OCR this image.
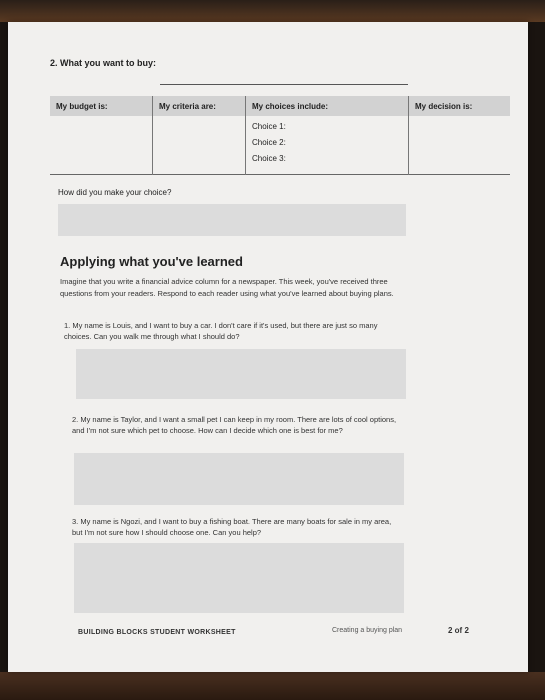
2. What you want to buy:
My budget is:	My criteria are:	My choices include:	My decision is:

		Choice 1:
Choice 2:
Choice 3:	

How did you make your choice?
Applying what you've learned
Imagine that you write a financial advice column for a newspaper. This week, you've received three questions from your readers. Respond to each reader using what you've learned about buying plans.
1. My name is Louis, and I want to buy a car. I don't care if it's used, but there are just so many choices. Can you walk me through what I should do?
2. My name is Taylor, and I want a small pet I can keep in my room. There are lots of cool options, and I'm not sure which pet to choose. How can I decide which one is best for me?
3. My name is Ngozi, and I want to buy a fishing boat. There are many boats for sale in my area, but I'm not sure how I should choose one. Can you help?
BUILDING BLOCKS STUDENT WORKSHEET	Creating a buying plan	2 of 2
